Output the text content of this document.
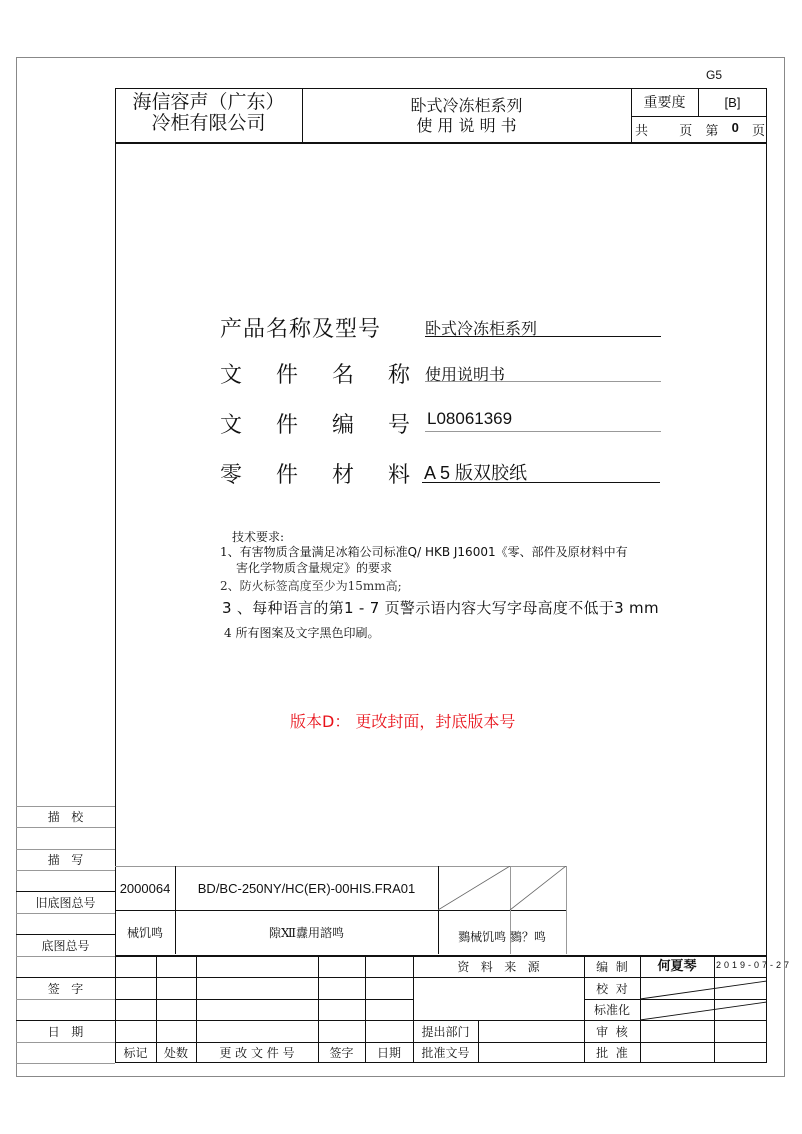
G5
海信容声（广东）
冷柜有限公司
卧式冷冻柜系列
使 用 说 明 书
重要度	[B]
共 页 第 0 页
产品名称及型号	卧式冷冻柜系列
文 件 名 称 使用说明书
文 件 编 号 L08061369
零 件 材 料 A 5 版双胶纸
技术要求:
1、有害物质含量满足冰箱公司标准Q/ HKB J16001《零、部件及原材料中有
害化学物质含量规定》的要求
2、防火标签高度至少为15mm高;
3 、每种语言的第1 - 7 页警示语内容大写字母高度不低于3 mm
4 所有图案及文字黑色印刷。
版本D： 更改封面，封底版本号
描   校
描   写
旧底图总号
底图总号
签   字
日   期
2000064	BD/BC-250NY/HC(ER)-00HIS.FRA01
械饥鸣	隙Ⅻ纛用諮鸣	鷚械饥鸣 鷚？鸣
标记	处数	更 改 文 件 号	签字	日期
资   料   来   源
提出部门
批准文号
编  制	何夏琴	2019-07-27
校  对
标准化
审  核
批  准
